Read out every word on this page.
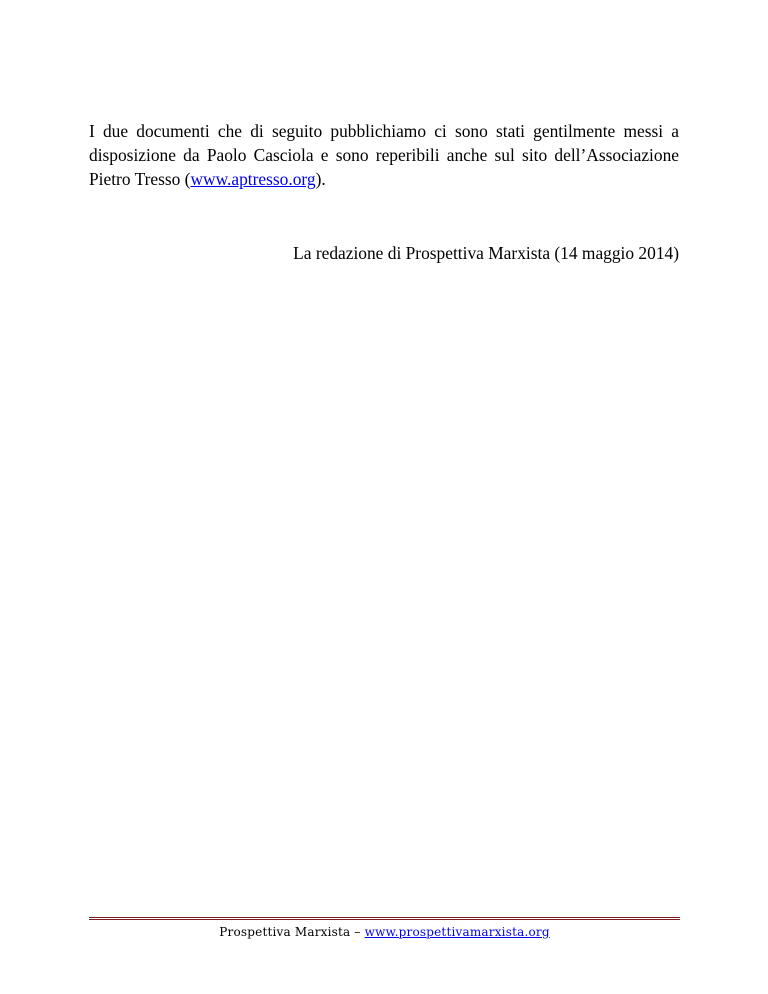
I due documenti che di seguito pubblichiamo ci sono stati gentilmente messi a disposizione da Paolo Casciola e sono reperibili anche sul sito dell’Associazione Pietro Tresso (www.aptresso.org).

La redazione di Prospettiva Marxista (14 maggio 2014)

Prospettiva Marxista – www.prospettivamarxista.org
